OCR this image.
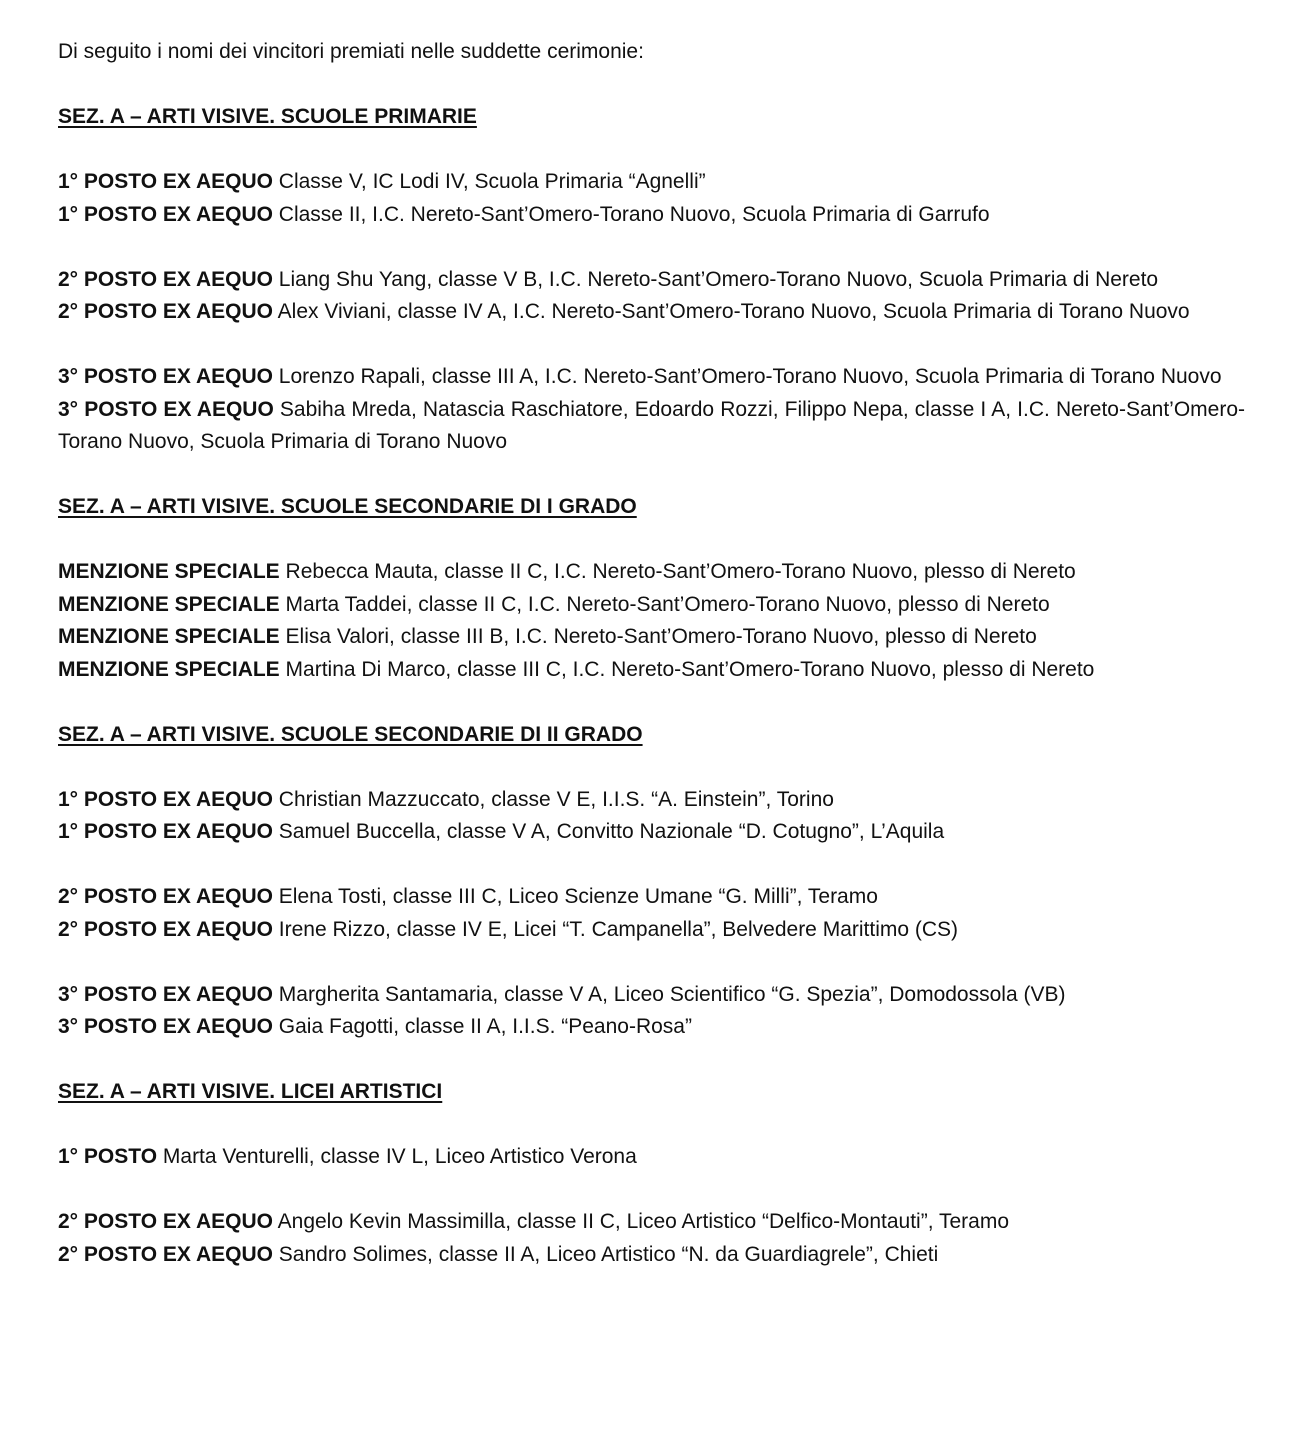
Di seguito i nomi dei vincitori premiati nelle suddette cerimonie:

SEZ. A – ARTI VISIVE. SCUOLE PRIMARIE

1° POSTO EX AEQUO Classe V, IC Lodi IV, Scuola Primaria “Agnelli”

1° POSTO EX AEQUO Classe II, I.C. Nereto-Sant’Omero-Torano Nuovo, Scuola Primaria di Garrufo

2° POSTO EX AEQUO Liang Shu Yang, classe V B, I.C. Nereto-Sant’Omero-Torano Nuovo, Scuola Primaria di Nereto

2° POSTO EX AEQUO Alex Viviani, classe IV A, I.C. Nereto-Sant’Omero-Torano Nuovo, Scuola Primaria di Torano Nuovo

3° POSTO EX AEQUO Lorenzo Rapali, classe III A, I.C. Nereto-Sant’Omero-Torano Nuovo, Scuola Primaria di Torano Nuovo

3° POSTO EX AEQUO Sabiha Mreda, Natascia Raschiatore, Edoardo Rozzi, Filippo Nepa, classe I A, I.C. Nereto-Sant’Omero-Torano Nuovo, Scuola Primaria di Torano Nuovo

SEZ. A – ARTI VISIVE. SCUOLE SECONDARIE DI I GRADO

MENZIONE SPECIALE Rebecca Mauta, classe II C, I.C. Nereto-Sant’Omero-Torano Nuovo, plesso di Nereto

MENZIONE SPECIALE Marta Taddei, classe II C, I.C. Nereto-Sant’Omero-Torano Nuovo, plesso di Nereto

MENZIONE SPECIALE Elisa Valori, classe III B, I.C. Nereto-Sant’Omero-Torano Nuovo, plesso di Nereto

MENZIONE SPECIALE Martina Di Marco, classe III C, I.C. Nereto-Sant’Omero-Torano Nuovo, plesso di Nereto

SEZ. A – ARTI VISIVE. SCUOLE SECONDARIE DI II GRADO

1° POSTO EX AEQUO Christian Mazzuccato, classe V E, I.I.S. “A. Einstein”, Torino

1° POSTO EX AEQUO Samuel Buccella, classe V A, Convitto Nazionale “D. Cotugno”, L’Aquila

2° POSTO EX AEQUO Elena Tosti, classe III C, Liceo Scienze Umane “G. Milli”, Teramo

2° POSTO EX AEQUO Irene Rizzo, classe IV E, Licei “T. Campanella”, Belvedere Marittimo (CS)

3° POSTO EX AEQUO Margherita Santamaria, classe V A, Liceo Scientifico “G. Spezia”, Domodossola (VB)

3° POSTO EX AEQUO Gaia Fagotti, classe II A, I.I.S. “Peano-Rosa”

SEZ. A – ARTI VISIVE. LICEI ARTISTICI

1° POSTO Marta Venturelli, classe IV L, Liceo Artistico Verona

2° POSTO EX AEQUO Angelo Kevin Massimilla, classe II C, Liceo Artistico “Delfico-Montauti”, Teramo

2° POSTO EX AEQUO Sandro Solimes, classe II A, Liceo Artistico “N. da Guardiagrele”, Chieti
